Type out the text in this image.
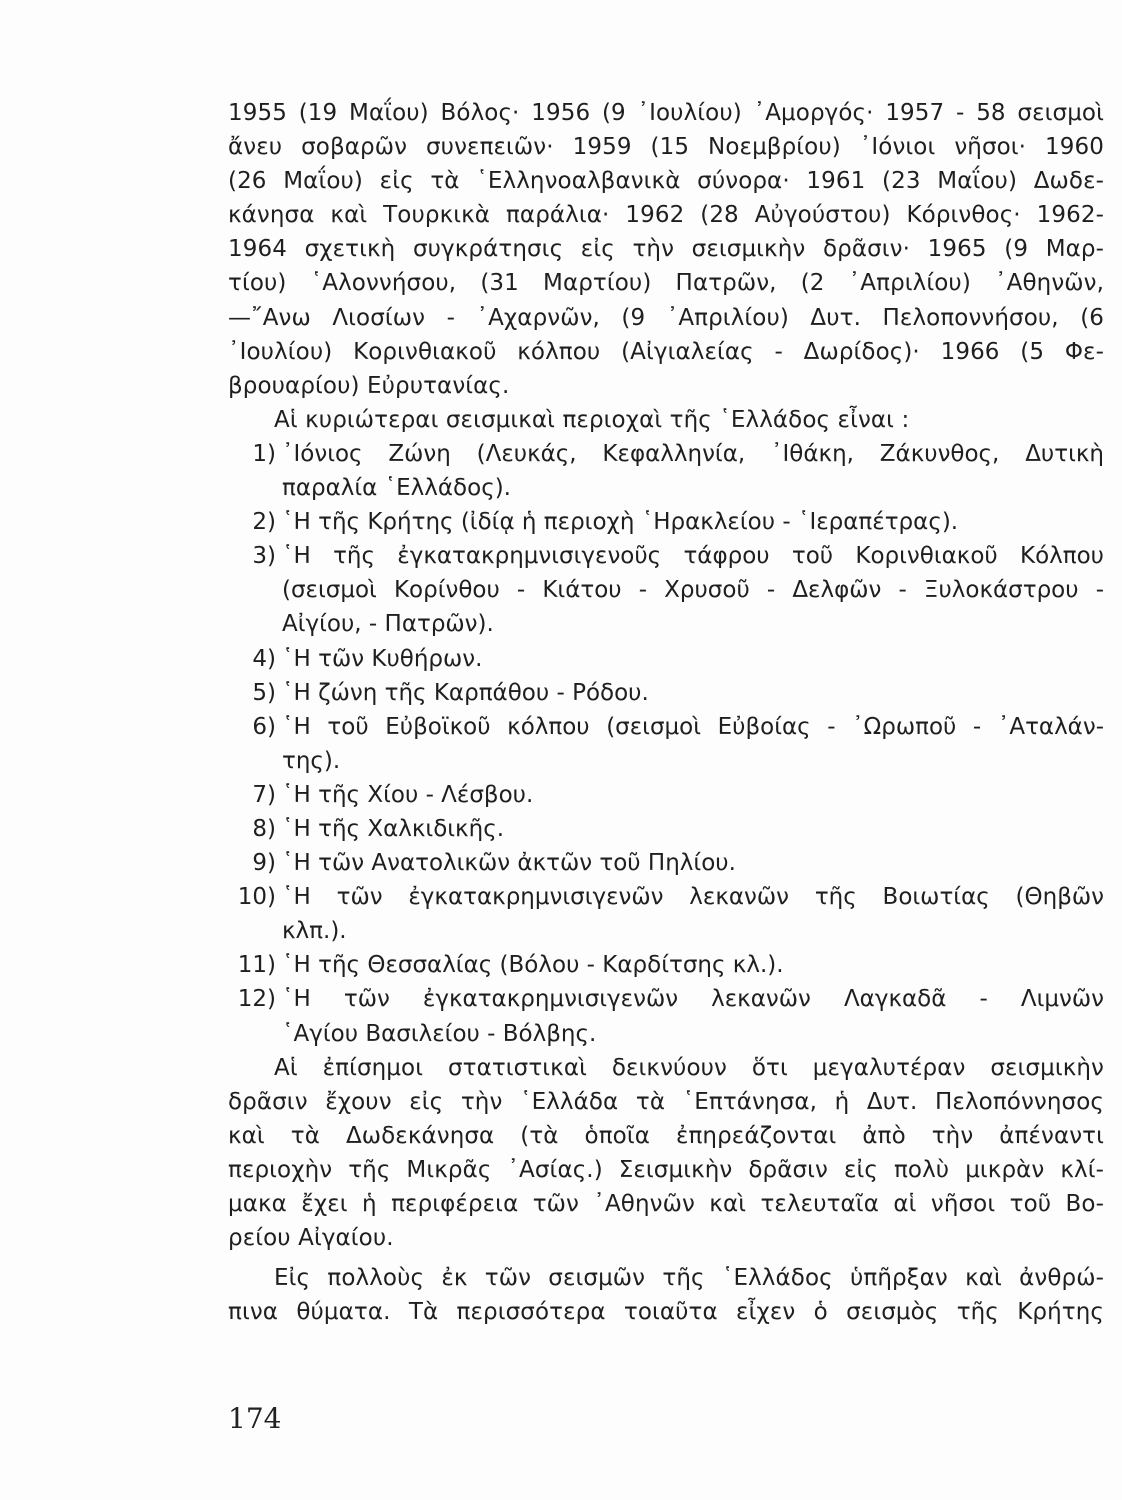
1955 (19 Μαΐου) Βόλος· 1956 (9 ᾿Ιουλίου) ᾿Αμοργός· 1957 - 58 σεισμοὶ
ἄνευ σοβαρῶν συνεπειῶν· 1959 (15 Νοεμβρίου) ᾿Ιόνιοι νῆσοι· 1960
(26 Μαΐου) εἰς τὰ ῾Ελληνοαλβανικὰ σύνορα· 1961 (23 Μαΐου) Δωδε-
κάνησα καὶ Τουρκικὰ παράλια· 1962 (28 Αὐγούστου) Κόρινθος· 1962-
1964 σχετικὴ συγκράτησις εἰς τὴν σεισμικὴν δρᾶσιν· 1965 (9 Μαρ-
τίου) ῾Αλοννήσου, (31 Μαρτίου) Πατρῶν, (2 ᾿Απριλίου) ᾿Αθηνῶν,
—῎Ανω Λιοσίων - ᾿Αχαρνῶν, (9 ᾿Απριλίου) Δυτ. Πελοποννήσου, (6
᾿Ιουλίου) Κορινθιακοῦ κόλπου (Αἰγιαλείας - Δωρίδος)· 1966 (5 Φε-
βρουαρίου) Εὐρυτανίας.
Αἱ κυριώτεραι σεισμικαὶ περιοχαὶ τῆς ῾Ελλάδος εἶναι :
1) ᾿Ιόνιος Ζώνη (Λευκάς, Κεφαλληνία, ᾿Ιθάκη, Ζάκυνθος, Δυτικὴ
παραλία ῾Ελλάδος).
2) ῾Η τῆς Κρήτης (ἰδίᾳ ἡ περιοχὴ ῾Ηρακλείου - ῾Ιεραπέτρας).
3) ῾Η τῆς ἐγκατακρημνισιγενοῦς τάφρου τοῦ Κορινθιακοῦ Κόλπου
(σεισμοὶ Κορίνθου - Κιάτου - Χρυσοῦ - Δελφῶν - Ξυλοκάστρου -
Αἰγίου, - Πατρῶν).
4) ῾Η τῶν Κυθήρων.
5) ῾Η ζώνη τῆς Καρπάθου - Ρόδου.
6) ῾Η τοῦ Εὐβοϊκοῦ κόλπου (σεισμοὶ Εὐβοίας - ᾿Ωρωποῦ - ᾿Αταλάν-
της).
7) ῾Η τῆς Χίου - Λέσβου.
8) ῾Η τῆς Χαλκιδικῆς.
9) ῾Η τῶν Ανατολικῶν ἀκτῶν τοῦ Πηλίου.
10) ῾Η τῶν ἐγκατακρημνισιγενῶν λεκανῶν τῆς Βοιωτίας (Θηβῶν
κλπ.).
11) ῾Η τῆς Θεσσαλίας (Βόλου - Καρδίτσης κλ.).
12) ῾Η τῶν ἐγκατακρημνισιγενῶν λεκανῶν Λαγκαδᾶ - Λιμνῶν
῾Αγίου Βασιλείου - Βόλβης.
Αἱ ἐπίσημοι στατιστικαὶ δεικνύουν ὅτι μεγαλυτέραν σεισμικὴν
δρᾶσιν ἔχουν εἰς τὴν ῾Ελλάδα τὰ ῾Επτάνησα, ἡ Δυτ. Πελοπόννησος
καὶ τὰ Δωδεκάνησα (τὰ ὁποῖα ἐπηρεάζονται ἀπὸ τὴν ἀπέναντι
περιοχὴν τῆς Μικρᾶς ᾿Ασίας.) Σεισμικὴν δρᾶσιν εἰς πολὺ μικρὰν κλί-
μακα ἔχει ἡ περιφέρεια τῶν ᾿Αθηνῶν καὶ τελευταῖα αἱ νῆσοι τοῦ Βο-
ρείου Αἰγαίου.
Εἰς πολλοὺς ἐκ τῶν σεισμῶν τῆς ῾Ελλάδος ὑπῆρξαν καὶ ἀνθρώ-
πινα θύματα. Τὰ περισσότερα τοιαῦτα εἶχεν ὁ σεισμὸς τῆς Κρήτης
174
